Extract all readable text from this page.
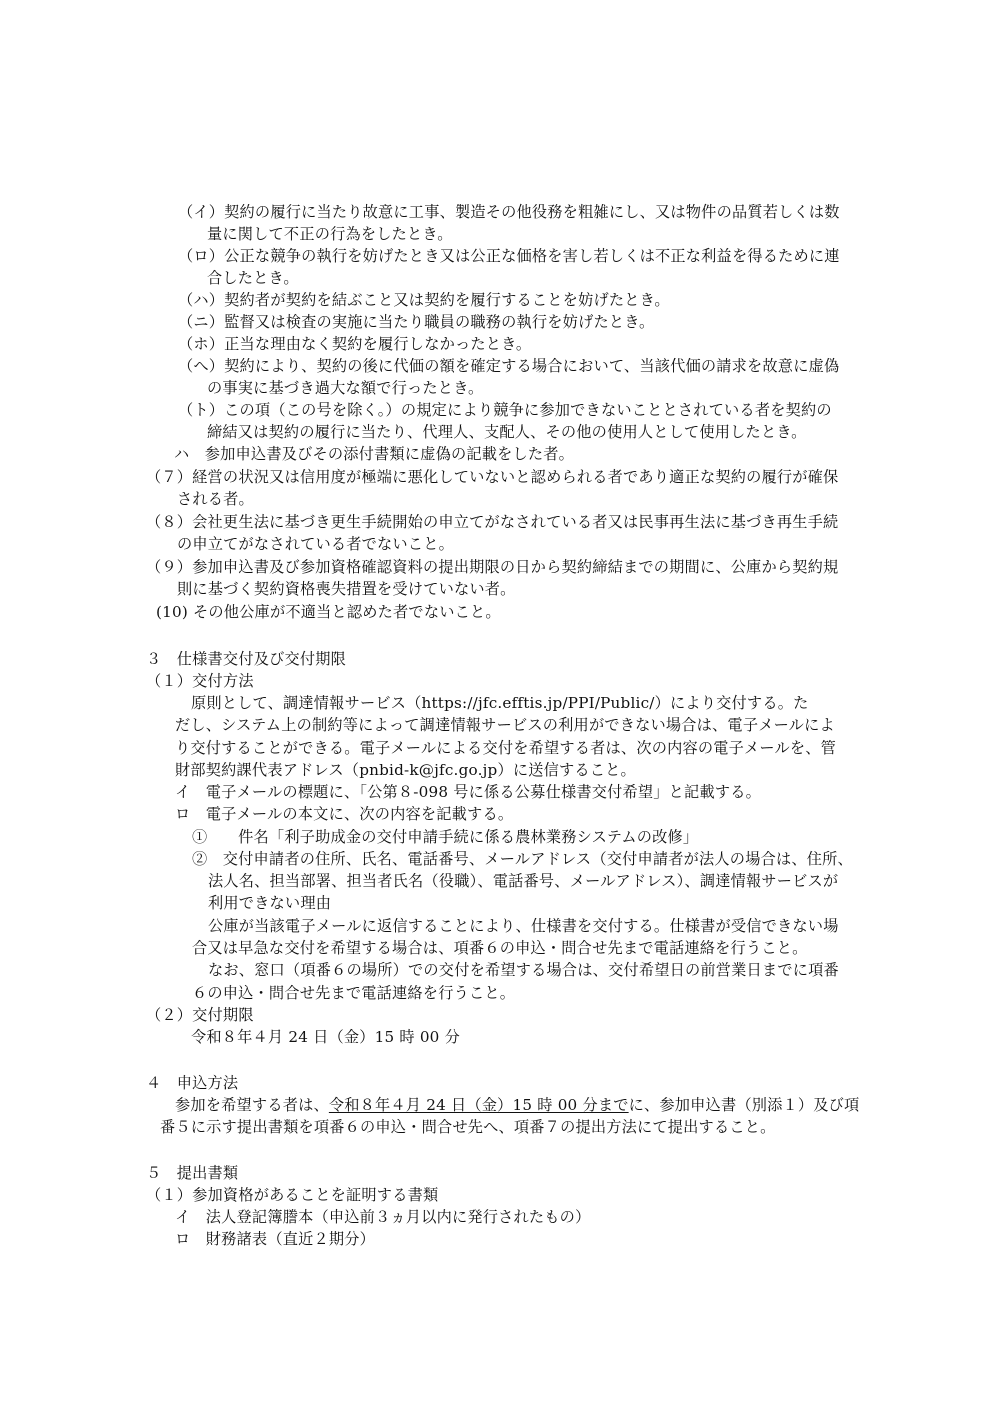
（イ）契約の履行に当たり故意に工事、製造その他役務を粗雑にし、又は物件の品質若しくは数
量に関して不正の行為をしたとき。
（ロ）公正な競争の執行を妨げたとき又は公正な価格を害し若しくは不正な利益を得るために連
合したとき。
（ハ）契約者が契約を結ぶこと又は契約を履行することを妨げたとき。
（ニ）監督又は検査の実施に当たり職員の職務の執行を妨げたとき。
（ホ）正当な理由なく契約を履行しなかったとき。
（へ）契約により、契約の後に代価の額を確定する場合において、当該代価の請求を故意に虚偽
の事実に基づき過大な額で行ったとき。
（ト）この項（この号を除く。）の規定により競争に参加できないこととされている者を契約の
締結又は契約の履行に当たり、代理人、支配人、その他の使用人として使用したとき。
ハ　参加申込書及びその添付書類に虚偽の記載をした者。
（７）経営の状況又は信用度が極端に悪化していないと認められる者であり適正な契約の履行が確保
される者。
（８）会社更生法に基づき更生手続開始の申立てがなされている者又は民事再生法に基づき再生手続
の申立てがなされている者でないこと。
（９）参加申込書及び参加資格確認資料の提出期限の日から契約締結までの期間に、公庫から契約規
則に基づく契約資格喪失措置を受けていない者。
(10) その他公庫が不適当と認めた者でないこと。
３　仕様書交付及び交付期限
（１）交付方法
原則として、調達情報サービス（https://jfc.efftis.jp/PPI/Public/）により交付する。た
だし、システム上の制約等によって調達情報サービスの利用ができない場合は、電子メールによ
り交付することができる。電子メールによる交付を希望する者は、次の内容の電子メールを、管
財部契約課代表アドレス（pnbid-k@jfc.go.jp）に送信すること。
イ　電子メールの標題に、「公第８-098 号に係る公募仕様書交付希望」と記載する。
ロ　電子メールの本文に、次の内容を記載する。
①　　件名「利子助成金の交付申請手続に係る農林業務システムの改修」
②　交付申請者の住所、氏名、電話番号、メールアドレス（交付申請者が法人の場合は、住所、
法人名、担当部署、担当者氏名（役職）、電話番号、メールアドレス）、調達情報サービスが
利用できない理由
公庫が当該電子メールに返信することにより、仕様書を交付する。仕様書が受信できない場
合又は早急な交付を希望する場合は、項番６の申込・問合せ先まで電話連絡を行うこと。
なお、窓口（項番６の場所）での交付を希望する場合は、交付希望日の前営業日までに項番
６の申込・問合せ先まで電話連絡を行うこと。
（２）交付期限
令和８年４月 24 日（金）15 時 00 分
４　申込方法
参加を希望する者は、令和８年４月 24 日（金）15 時 00 分までに、参加申込書（別添１）及び項
番５に示す提出書類を項番６の申込・問合せ先へ、項番７の提出方法にて提出すること。
５　提出書類
（１）参加資格があることを証明する書類
イ　法人登記簿謄本（申込前３ヵ月以内に発行されたもの）
ロ　財務諸表（直近２期分）
